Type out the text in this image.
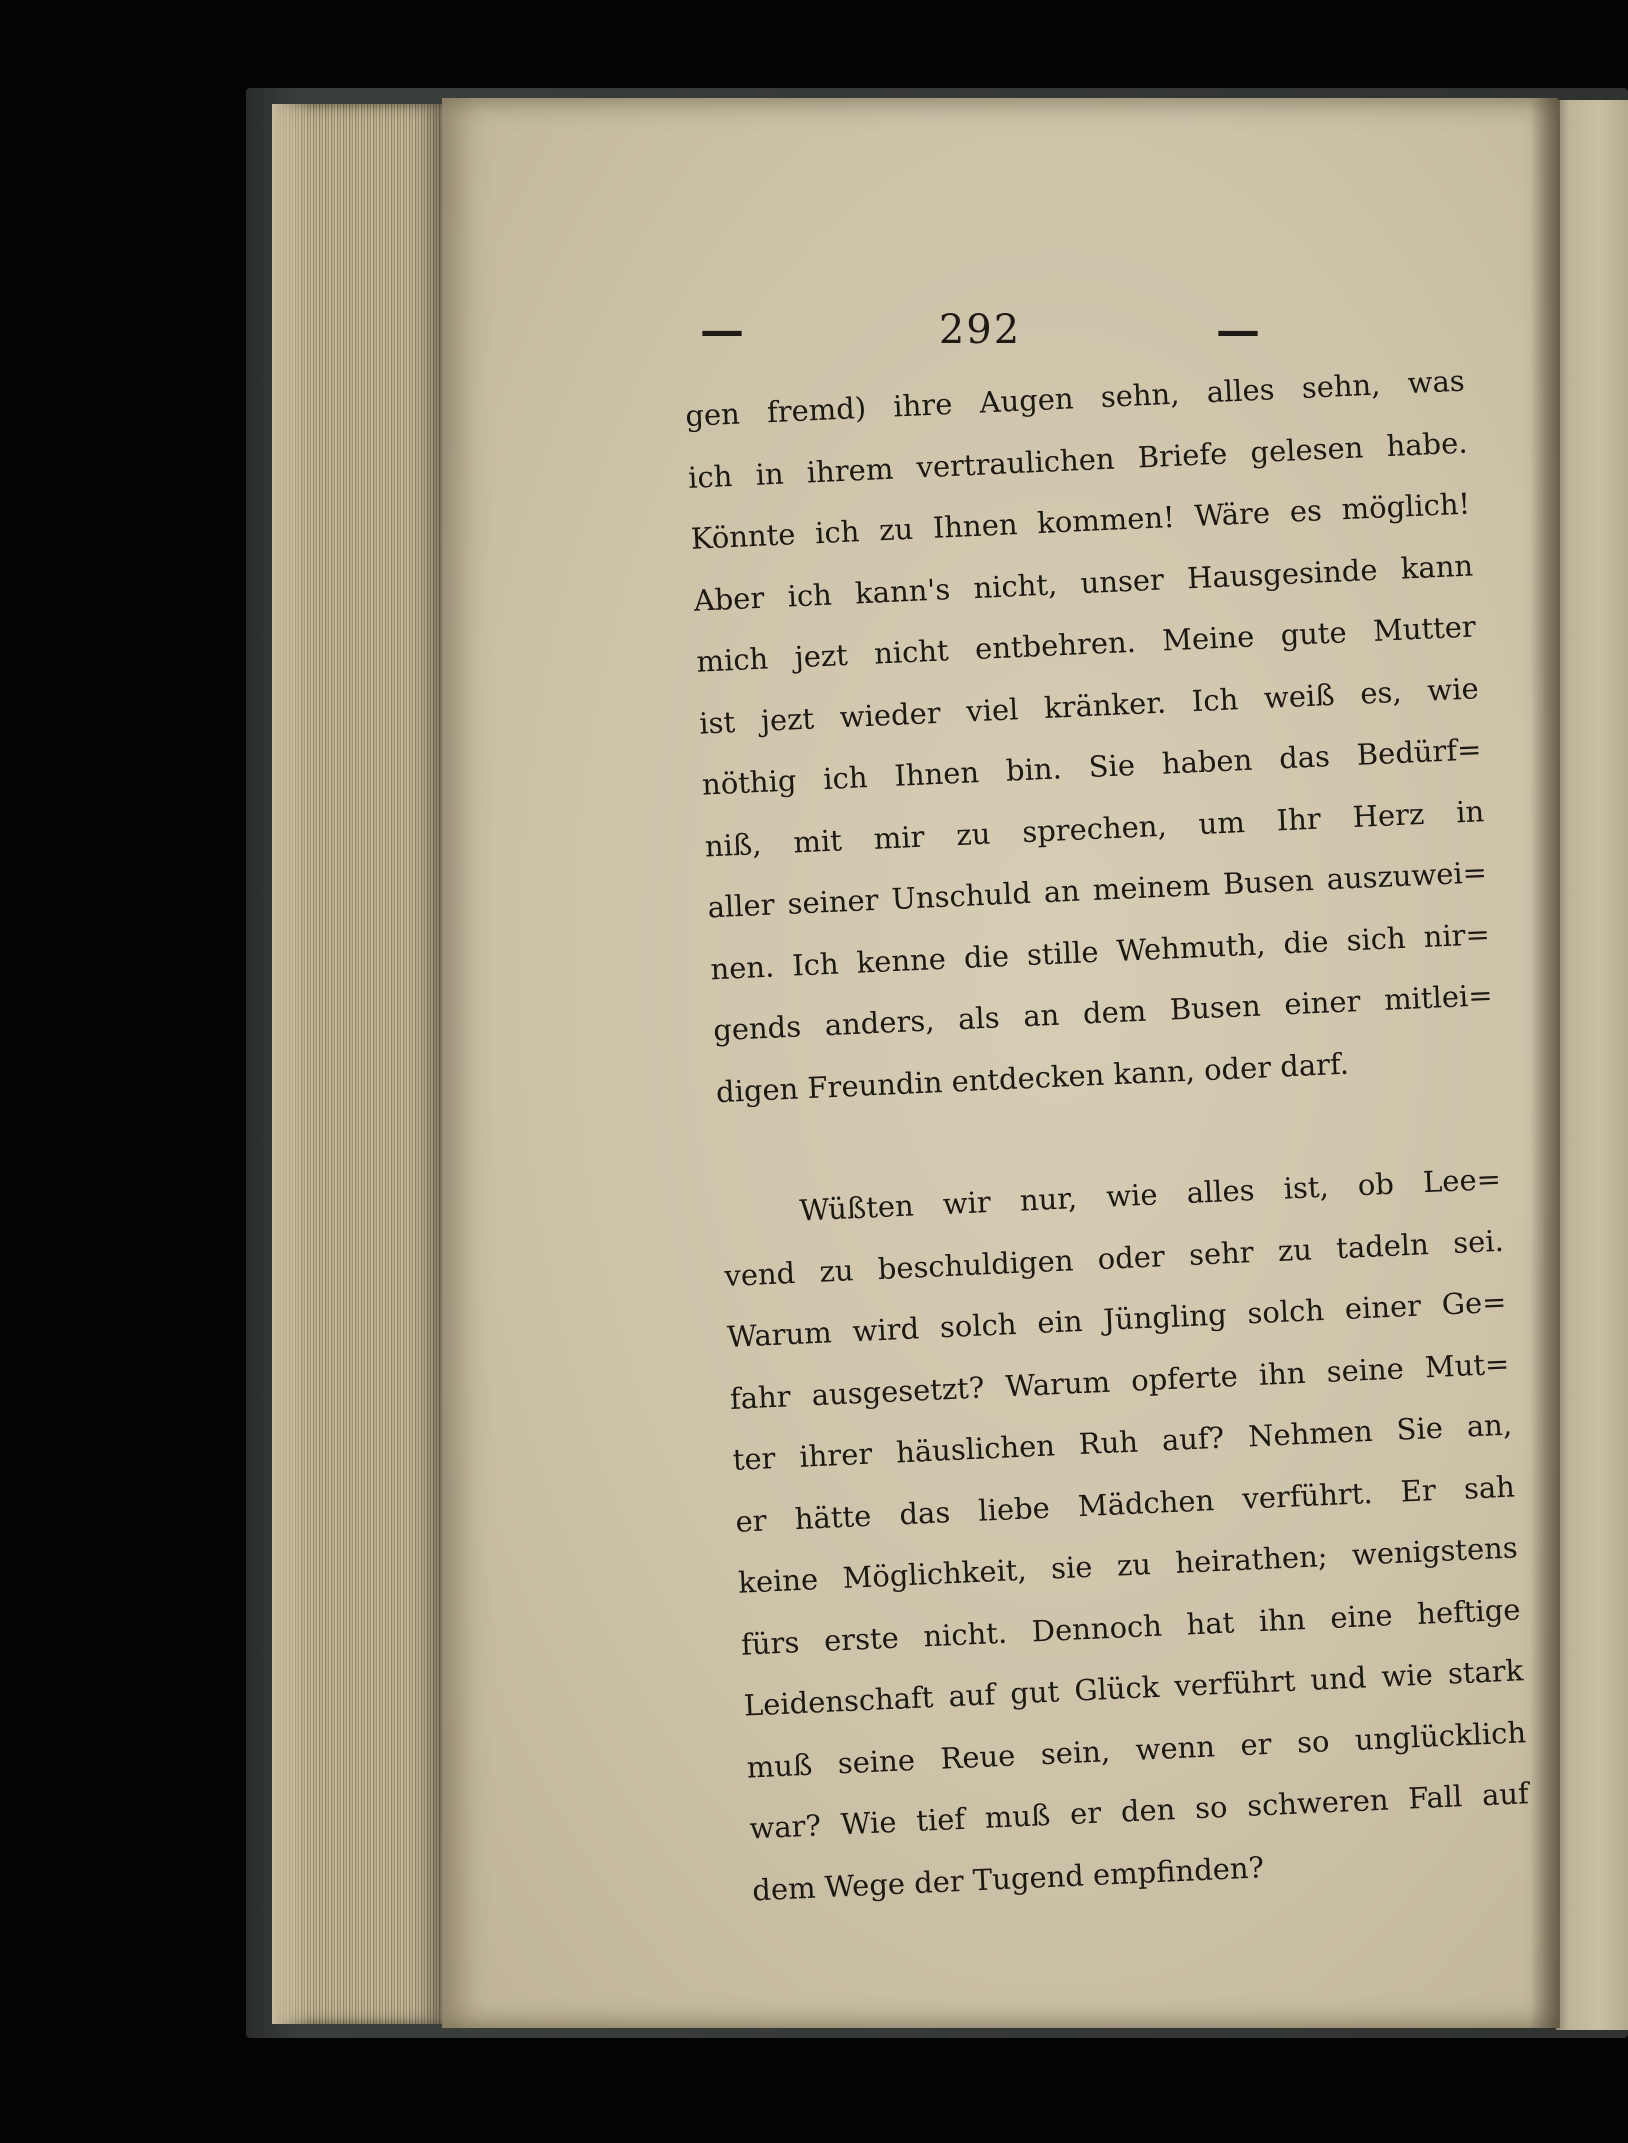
—	292	—

gen fremd) ihre Augen sehn, alles sehn, was
ich in ihrem vertraulichen Briefe gelesen habe.
Könnte ich zu Ihnen kommen! Wäre es möglich!
Aber ich kann's nicht, unser Hausgesinde kann
mich jezt nicht entbehren. Meine gute Mutter
ist jezt wieder viel kränker. Ich weiß es, wie
nöthig ich Ihnen bin. Sie haben das Bedürf=
niß, mit mir zu sprechen, um Ihr Herz in
aller seiner Unschuld an meinem Busen auszuwei=
nen. Ich kenne die stille Wehmuth, die sich nir=
gends anders, als an dem Busen einer mitlei=
digen Freundin entdecken kann, oder darf.

Wüßten wir nur, wie alles ist, ob Lee=
vend zu beschuldigen oder sehr zu tadeln sei.
Warum wird solch ein Jüngling solch einer Ge=
fahr ausgesetzt? Warum opferte ihn seine Mut=
ter ihrer häuslichen Ruh auf? Nehmen Sie an,
er hätte das liebe Mädchen verführt. Er sah
keine Möglichkeit, sie zu heirathen; wenigstens
fürs erste nicht. Dennoch hat ihn eine heftige
Leidenschaft auf gut Glück verführt und wie stark
muß seine Reue sein, wenn er so unglücklich
war? Wie tief muß er den so schweren Fall auf
dem Wege der Tugend empfinden?
